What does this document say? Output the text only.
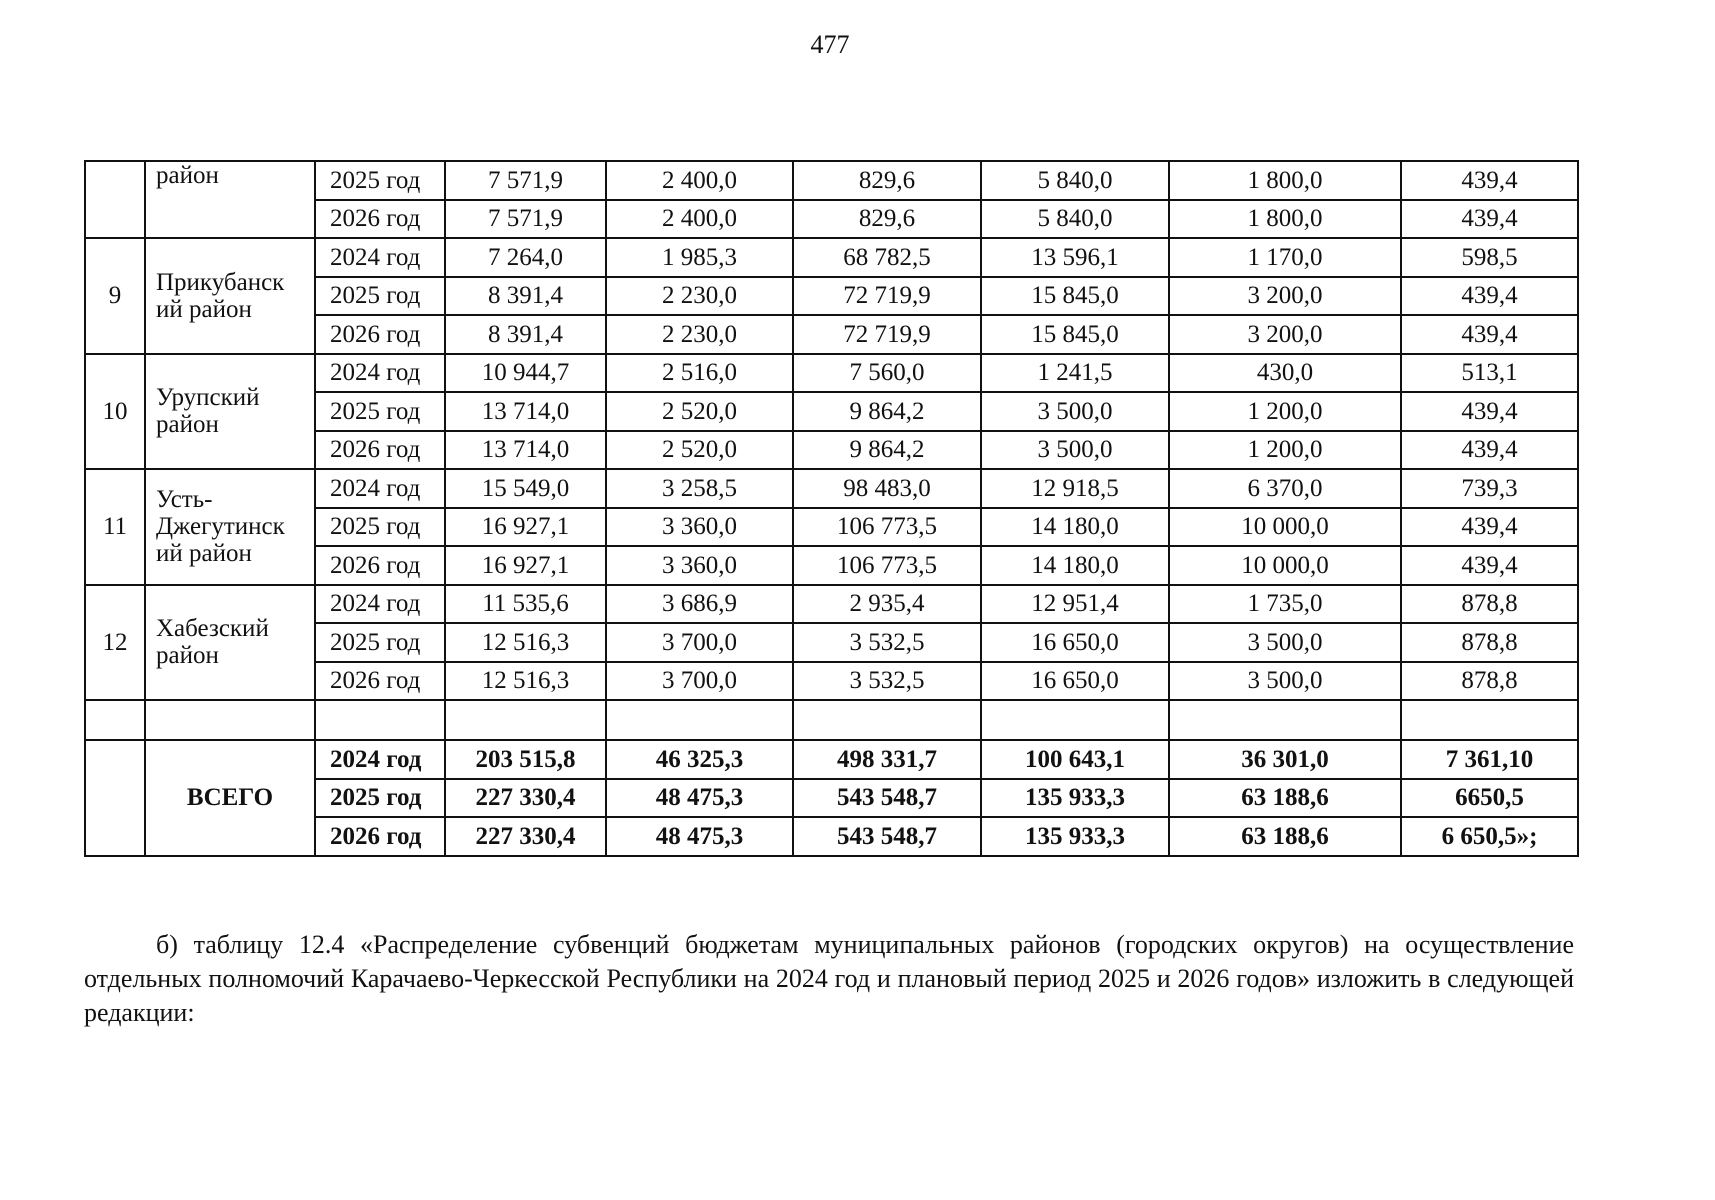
477
	район	2025 год	7 571,9	2 400,0	829,6	5 840,0	1 800,0	439,4
		2026 год	7 571,9	2 400,0	829,6	5 840,0	1 800,0	439,4
9	Прикубанск ий район	2024 год	7 264,0	1 985,3	68 782,5	13 596,1	1 170,0	598,5
		2025 год	8 391,4	2 230,0	72 719,9	15 845,0	3 200,0	439,4
		2026 год	8 391,4	2 230,0	72 719,9	15 845,0	3 200,0	439,4
10	Урупский район	2024 год	10 944,7	2 516,0	7 560,0	1 241,5	430,0	513,1
		2025 год	13 714,0	2 520,0	9 864,2	3 500,0	1 200,0	439,4
		2026 год	13 714,0	2 520,0	9 864,2	3 500,0	1 200,0	439,4
11	Усть-Джегутинск ий район	2024 год	15 549,0	3 258,5	98 483,0	12 918,5	6 370,0	739,3
		2025 год	16 927,1	3 360,0	106 773,5	14 180,0	10 000,0	439,4
		2026 год	16 927,1	3 360,0	106 773,5	14 180,0	10 000,0	439,4
12	Хабезский район	2024 год	11 535,6	3 686,9	2 935,4	12 951,4	1 735,0	878,8
		2025 год	12 516,3	3 700,0	3 532,5	16 650,0	3 500,0	878,8
		2026 год	12 516,3	3 700,0	3 532,5	16 650,0	3 500,0	878,8

	ВСЕГО	2024 год	203 515,8	46 325,3	498 331,7	100 643,1	36 301,0	7 361,10
		2025 год	227 330,4	48 475,3	543 548,7	135 933,3	63 188,6	6650,5
		2026 год	227 330,4	48 475,3	543 548,7	135 933,3	63 188,6	6 650,5»;
б) таблицу 12.4 «Распределение субвенций бюджетам муниципальных районов (городских округов) на осуществление отдельных полномочий Карачаево-Черкесской Республики на 2024 год и плановый период 2025 и 2026 годов» изложить в следующей редакции:
